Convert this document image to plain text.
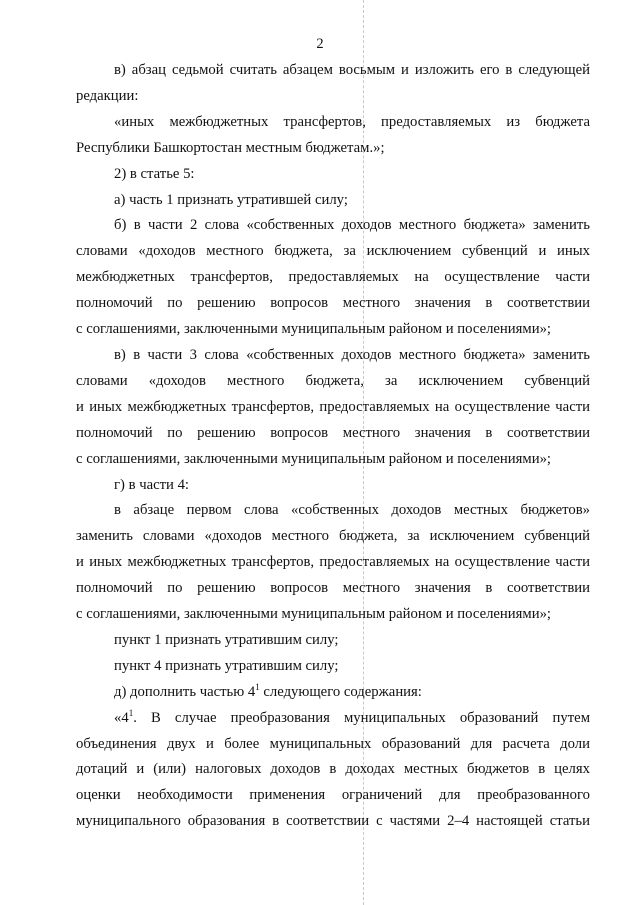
2
в) абзац седьмой считать абзацем восьмым и изложить его в следующей
редакции:
«иных межбюджетных трансфертов, предоставляемых из бюджета
Республики Башкортостан местным бюджетам.»;
2) в статье 5:
а) часть 1 признать утратившей силу;
б) в части 2 слова «собственных доходов местного бюджета» заменить
словами «доходов местного бюджета, за исключением субвенций и иных
межбюджетных трансфертов, предоставляемых на осуществление части
полномочий по решению вопросов местного значения в соответствии
с соглашениями, заключенными муниципальным районом и поселениями»;
в) в части 3 слова «собственных доходов местного бюджета» заменить
словами «доходов местного бюджета, за исключением субвенций
и иных межбюджетных трансфертов, предоставляемых на осуществление части
полномочий по решению вопросов местного значения в соответствии
с соглашениями, заключенными муниципальным районом и поселениями»;
г) в части 4:
в абзаце первом слова «собственных доходов местных бюджетов»
заменить словами «доходов местного бюджета, за исключением субвенций
и иных межбюджетных трансфертов, предоставляемых на осуществление части
полномочий по решению вопросов местного значения в соответствии
с соглашениями, заключенными муниципальным районом и поселениями»;
пункт 1 признать утратившим силу;
пункт 4 признать утратившим силу;
д) дополнить частью $4^1$ следующего содержания:
«$4^1$. В случае преобразования муниципальных образований путем
объединения двух и более муниципальных образований для расчета доли
дотаций и (или) налоговых доходов в доходах местных бюджетов в целях
оценки необходимости применения ограничений для преобразованного
муниципального образования в соответствии с частями 2–4 настоящей статьи
